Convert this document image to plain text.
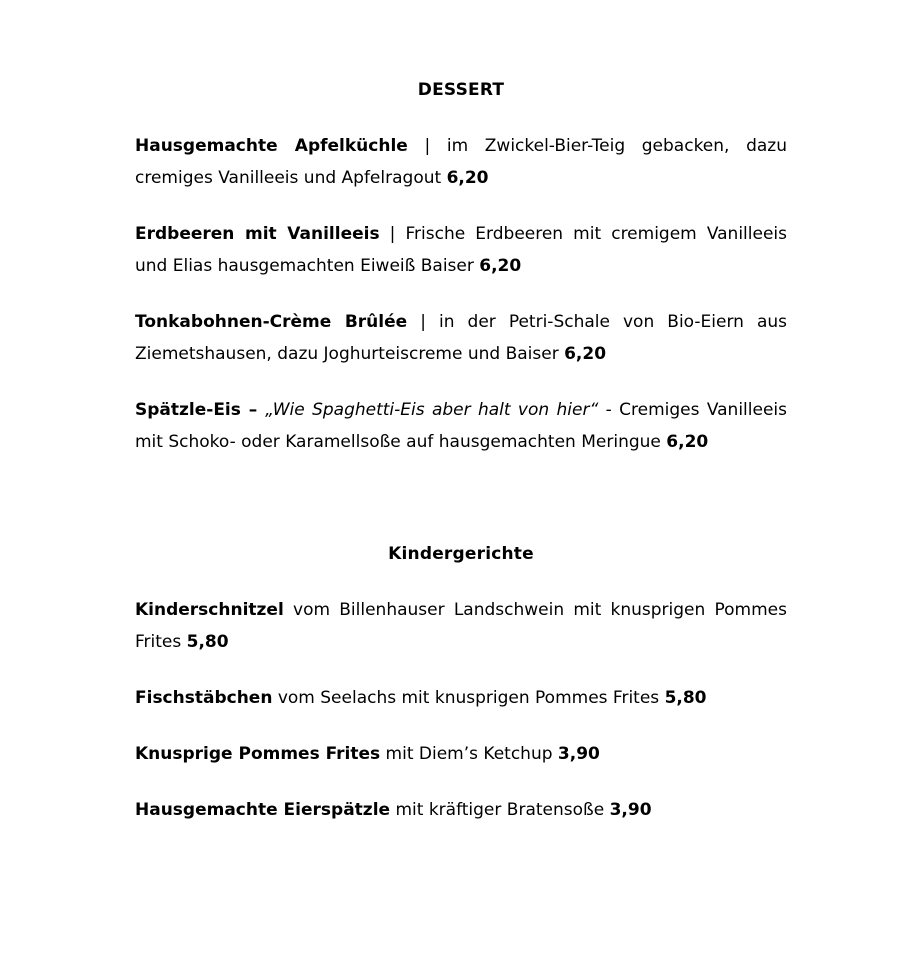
DESSERT

Hausgemachte Apfelküchle | im Zwickel-Bier-Teig gebacken, dazu cremiges Vanilleeis und Apfelragout 6,20

Erdbeeren mit Vanilleeis | Frische Erdbeeren mit cremigem Vanilleeis und Elias hausgemachten Eiweiß Baiser 6,20

Tonkabohnen-Crème Brûlée | in der Petri-Schale von Bio-Eiern aus Ziemetshausen, dazu Joghurteiscreme und Baiser 6,20

Spätzle-Eis – „Wie Spaghetti-Eis aber halt von hier“ - Cremiges Vanilleeis mit Schoko- oder Karamellsoße auf hausgemachten Meringue 6,20

Kindergerichte

Kinderschnitzel vom Billenhauser Landschwein mit knusprigen Pommes Frites 5,80

Fischstäbchen vom Seelachs mit knusprigen Pommes Frites 5,80

Knusprige Pommes Frites mit Diem’s Ketchup 3,90

Hausgemachte Eierspätzle mit kräftiger Bratensoße 3,90
